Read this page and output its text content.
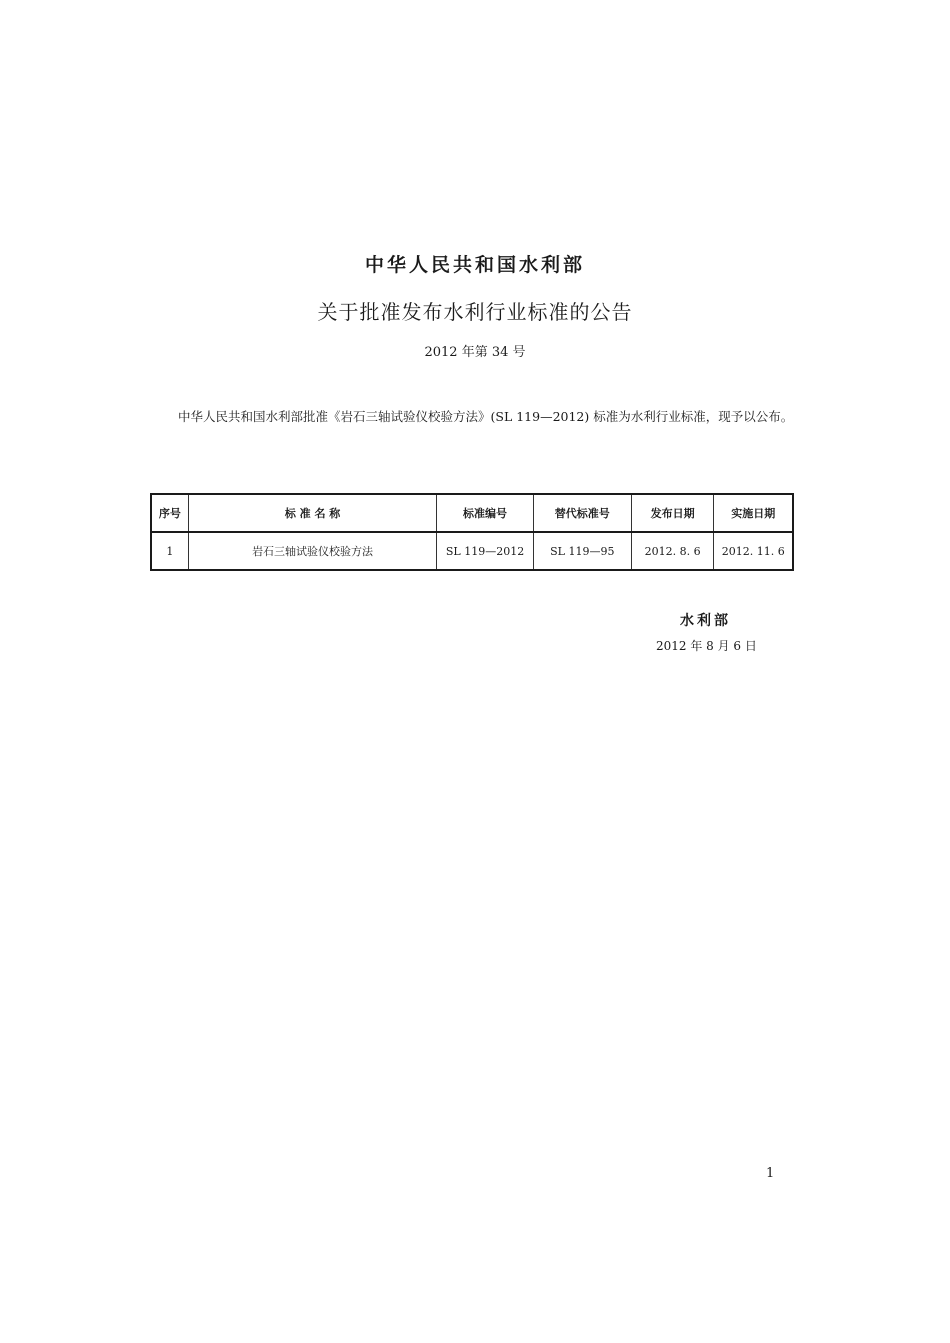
中华人民共和国水利部
关于批准发布水利行业标准的公告
2012 年第 34 号
中华人民共和国水利部批准《岩石三轴试验仪校验方法》(SL 119—2012) 标准为水利行业标准，现予以公布。
序号	标 准 名 称	标准编号	替代标准号	发布日期	实施日期
1	岩石三轴试验仪校验方法	SL 119—2012	SL 119—95	2012. 8. 6	2012. 11. 6
水利部
2012 年 8 月 6 日
1
